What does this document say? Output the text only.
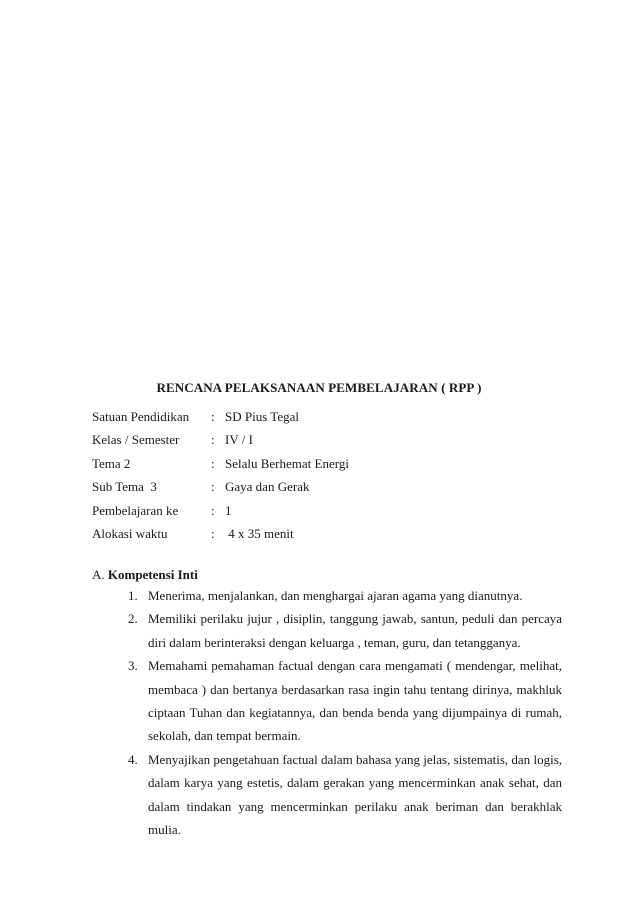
RENCANA PELAKSANAAN PEMBELAJARAN ( RPP )
Satuan Pendidikan : SD Pius Tegal
Kelas / Semester : IV / I
Tema 2	: Selalu Berhemat Energi
Sub Tema  3	: Gaya dan Gerak
Pembelajaran ke	: 1
Alokasi waktu	: 4 x 35 menit
A. Kompetensi Inti
1. Menerima, menjalankan, dan menghargai ajaran agama yang dianutnya.
2. Memiliki perilaku jujur , disiplin, tanggung jawab, santun, peduli dan percaya diri dalam berinteraksi dengan keluarga , teman, guru, dan tetangganya.
3. Memahami pemahaman factual dengan cara mengamati ( mendengar, melihat, membaca ) dan bertanya berdasarkan rasa ingin tahu tentang dirinya, makhluk ciptaan Tuhan dan kegiatannya, dan benda benda yang dijumpainya di rumah, sekolah, dan tempat bermain.
4. Menyajikan pengetahuan factual dalam bahasa yang jelas, sistematis, dan logis, dalam karya yang estetis, dalam gerakan yang mencerminkan anak sehat, dan dalam tindakan yang mencerminkan perilaku anak beriman dan berakhlak mulia.
